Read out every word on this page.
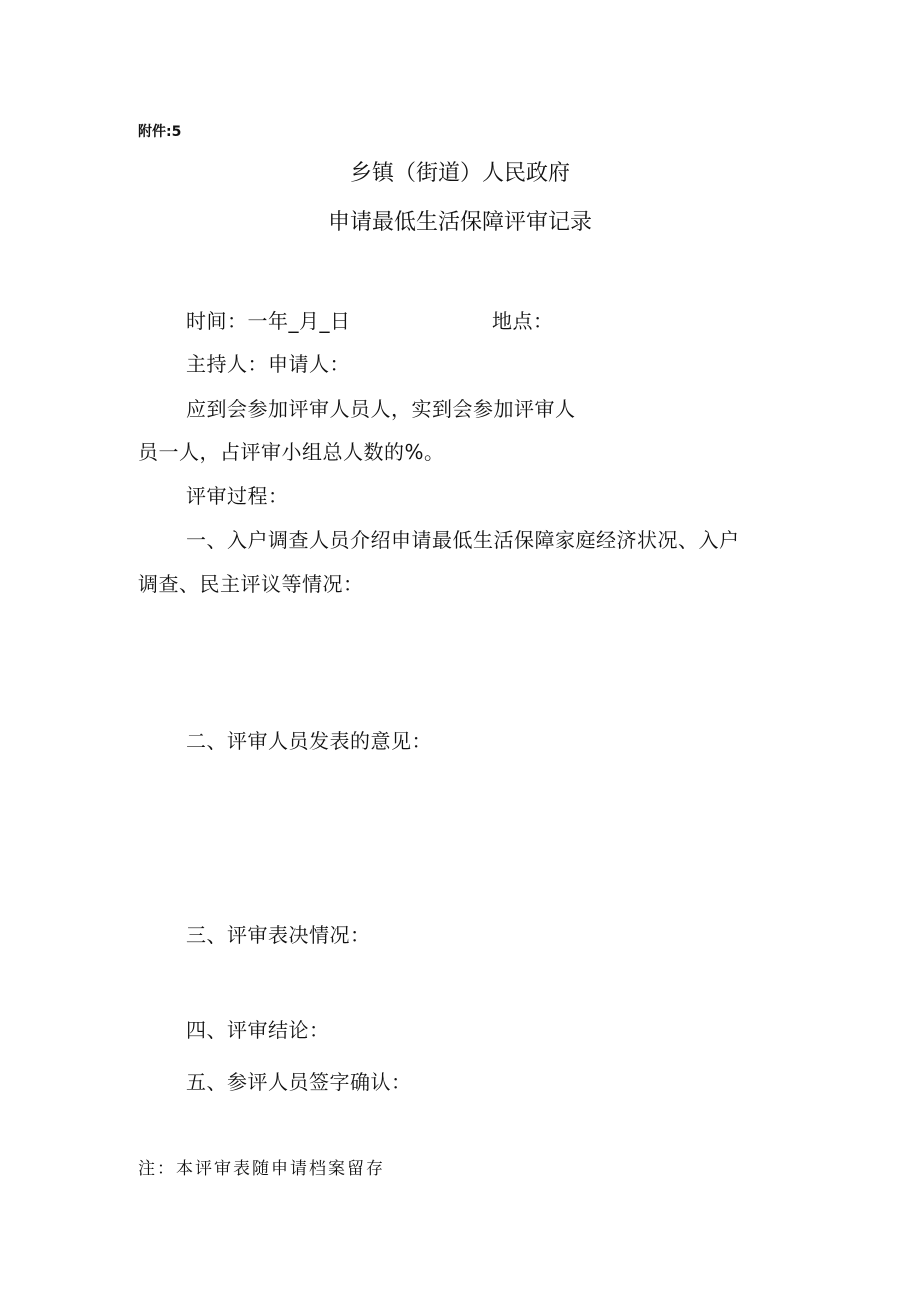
附件:5
乡镇（街道）人民政府
申请最低生活保障评审记录
时间：一年_月_日	地点：
主持人：申请人：
应到会参加评审人员人，实到会参加评审人
员一人，占评审小组总人数的%。
评审过程：
一、入户调查人员介绍申请最低生活保障家庭经济状况、入户
调查、民主评议等情况：
二、评审人员发表的意见：
三、评审表决情况：
四、评审结论：
五、参评人员签字确认：
注：本评审表随申请档案留存
